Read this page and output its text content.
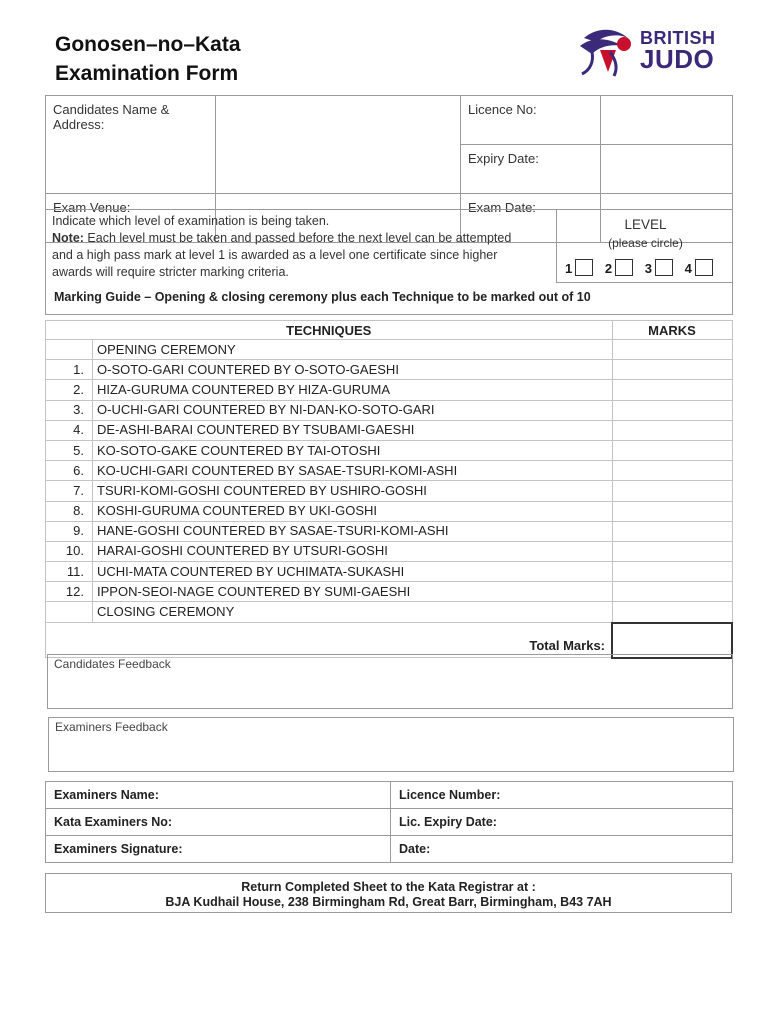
Gonosen–no–Kata
Examination Form
BRITISH
JUDO
Candidates Name & Address:		Licence No:	
		Expiry Date:	
Exam Venue:		Exam Date:	
Indicate which level of examination is being taken.
Note: Each level must be taken and passed before the next level can be attempted and a high pass mark at level 1 is awarded as a level one certificate since higher awards will require stricter marking criteria.
LEVEL
(please circle)
1	2	3	4
Marking Guide – Opening & closing ceremony plus each Technique to be marked out of 10
TECHNIQUES		MARKS
	OPENING CEREMONY	
1.	O-SOTO-GARI COUNTERED BY O-SOTO-GAESHI	
2.	HIZA-GURUMA COUNTERED BY HIZA-GURUMA	
3.	O-UCHI-GARI COUNTERED BY NI-DAN-KO-SOTO-GARI	
4.	DE-ASHI-BARAI COUNTERED BY TSUBAMI-GAESHI	
5.	KO-SOTO-GAKE COUNTERED BY TAI-OTOSHI	
6.	KO-UCHI-GARI COUNTERED BY SASAE-TSURI-KOMI-ASHI	
7.	TSURI-KOMI-GOSHI COUNTERED BY USHIRO-GOSHI	
8.	KOSHI-GURUMA COUNTERED BY UKI-GOSHI	
9.	HANE-GOSHI COUNTERED BY SASAE-TSURI-KOMI-ASHI	
10.	HARAI-GOSHI COUNTERED BY UTSURI-GOSHI	
11.	UCHI-MATA COUNTERED BY UCHIMATA-SUKASHI	
12.	IPPON-SEOI-NAGE COUNTERED BY SUMI-GAESHI	
	CLOSING CEREMONY	
Total Marks:		
Candidates Feedback
Examiners Feedback
Examiners Name:	Licence Number:
Kata Examiners No:	Lic. Expiry Date:
Examiners Signature:	Date:
Return Completed Sheet to the Kata Registrar at :
BJA Kudhail House, 238 Birmingham Rd, Great Barr, Birmingham, B43 7AH
